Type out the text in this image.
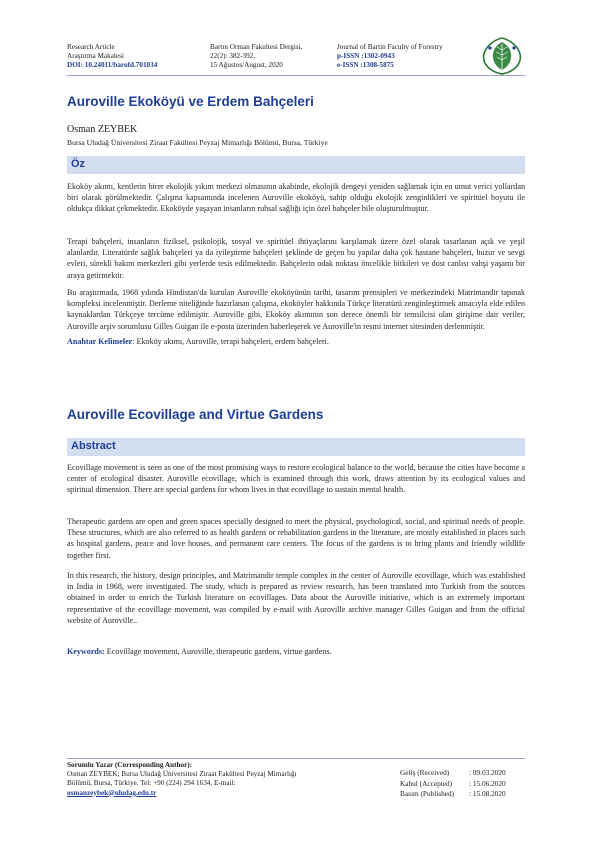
Research Article
Araştırma Makalesi
DOI: 10.24011/barofd.701034
Bartın Orman Fakultesi Dergisi,
22(2): 382-392,
15 Ağustos/August, 2020
Journal of Bartin Faculty of Forestry
p-ISSN :1302-0943
e-ISSN :1308-5875
Auroville Ekoköyü ve Erdem Bahçeleri
Osman ZEYBEK
Bursa Uludağ Üniversitesi Ziraat Fakültesi Peyzaj Mimarlığı Bölümü, Bursa, Türkiye
Öz
Ekoköy akımı, kentlerin birer ekolojik yıkım merkezi olmasının akabinde, ekolojik dengeyi yeniden sağlamak için en umut verici yollardan biri olarak görülmektedir. Çalışma kapsamında incelenen Auroville ekoköyü, sahip olduğu ekolojik zenginlikleri ve spiritüel boyutu ile oldukça dikkat çekmektedir. Ekoköyde yaşayan insanların ruhsal sağlığı için özel bahçeler bile oluşturulmuştur.
Terapi bahçeleri, insanların fiziksel, psikolojik, sosyal ve spiritüel ihtiyaçlarını karşılamak üzere özel olarak tasarlanan açık ve yeşil alanlardır. Literatürde sağlık bahçeleri ya da iyileştirme bahçeleri şeklinde de geçen bu yapılar daha çok hastane bahçeleri, huzur ve sevgi evleri, sürekli bakım merkezleri gibi yerlerde tesis edilmektedir. Bahçelerin odak noktası öncelikle bitkileri ve dost canlısı vahşi yaşamı bir araya getirmektir.
Bu araştırmada, 1968 yılında Hindistan'da kurulan Auroville ekoköyünün tarihi, tasarım prensipleri ve merkezindeki Matrimandir tapınak kompleksi incelenmiştir. Derleme niteliğinde hazırlanan çalışma, ekoköyler hakkında Türkçe literatürü zenginleştirmek amacıyla elde edilen kaynaklardan Türkçeye tercüme edilmiştir. Auroville gibi, Ekoköy akımının son derece önemli bir temsilcisi olan girişime dair veriler, Auroville arşiv sorumlusu Gilles Guigan ile e-posta üzerinden haberleşerek ve Auroville'in resmi internet sitesinden derlenmiştir.
Anahtar Kelimeler: Ekoköy akımı, Auroville, terapi bahçeleri, erdem bahçeleri.
Auroville Ecovillage and Virtue Gardens
Abstract
Ecovillage movement is seen as one of the most promising ways to restore ecological balance to the world, because the cities have become a center of ecological disaster. Auroville ecovillage, which is examined through this work, draws attention by its ecological values and spiritual dimension. There are special gardens for whom lives in that ecovillage to sustain mental health.
Therapeutic gardens are open and green spaces specially designed to meet the physical, psychological, social, and spiritual needs of people. These structures, which are also referred to as health gardens or rehabilitation gardens in the literature, are mostly established in places such as hospital gardens, peace and love houses, and permanent care centers. The focus of the gardens is to bring plants and friendly wildlife together first.
In this research, the history, design principles, and Matrimandir temple complex in the center of Auroville ecovillage, which was established in India in 1968, were investigated. The study, which is prepared as review research, has been translated into Turkish from the sources obtained in order to enrich the Turkish literature on ecovillages. Data about the Auroville initiative, which is an extremely important representative of the ecovillage movement, was compiled by e-mail with Auroville archive manager Gilles Guigan and from the official website of Auroville..
Keywords: Ecovillage movement, Auroville, therapeutic gardens, virtue gardens.
Sorumlu Yazar (Corresponding Author):
Osman ZEYBEK; Bursa Uludağ Üniversitesi Ziraat Fakültesi Peyzaj Mimarlığı
Bölümü, Bursa, Türkiye. Tel: +90 (224) 294 1634, E-mail:
osmanzeybek@uludag.edu.tr
Geliş (Received)	: 09.03.2020
Kabul (Accepted) : 15.06.2020
Basım (Published) : 15.08.2020
